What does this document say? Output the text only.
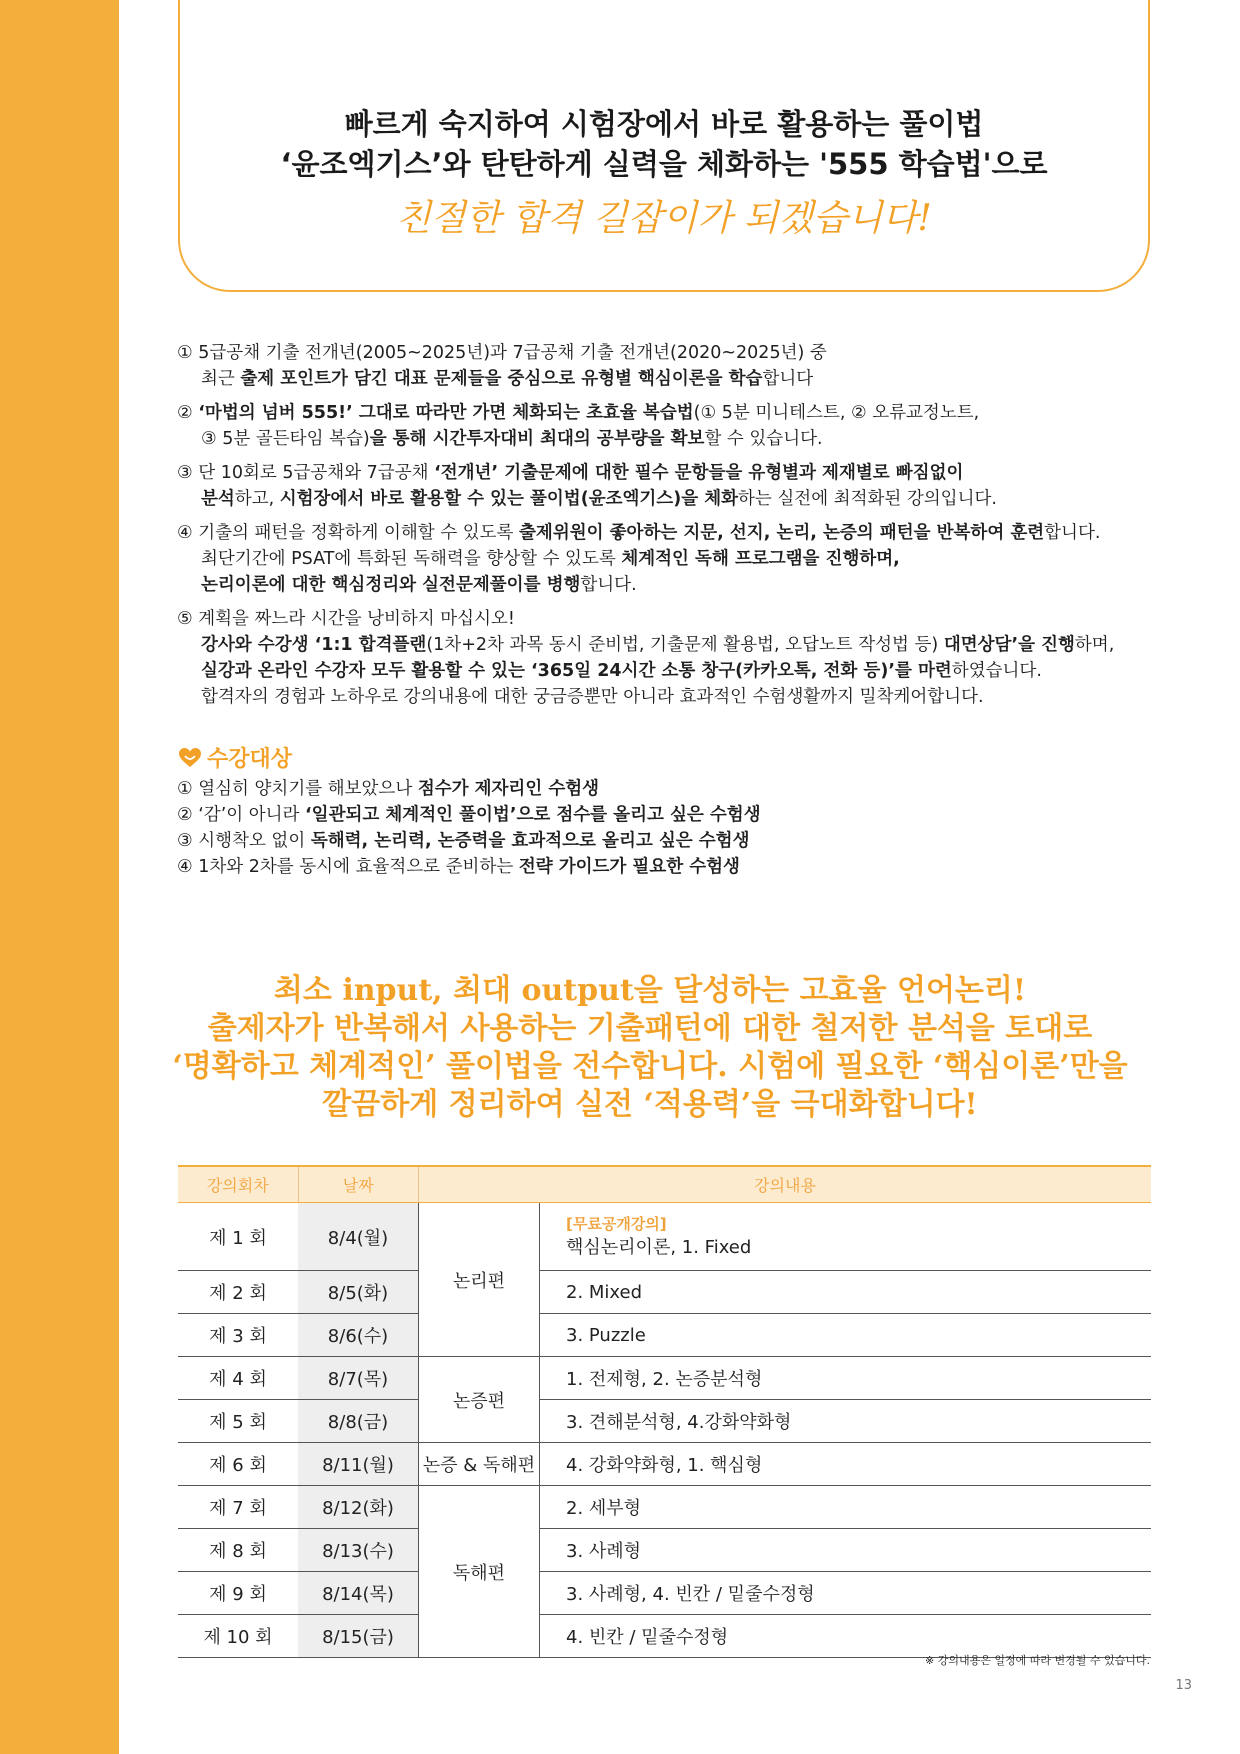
빠르게 숙지하여 시험장에서 바로 활용하는 풀이법
‘윤조엑기스’와 탄탄하게 실력을 체화하는 '555 학습법'으로
친절한 합격 길잡이가 되겠습니다!
① 5급공채 기출 전개년(2005~2025년)과 7급공채 기출 전개년(2020~2025년) 중
최근 출제 포인트가 담긴 대표 문제들을 중심으로 유형별 핵심이론을 학습합니다
② ‘마법의 넘버 555!’ 그대로 따라만 가면 체화되는 초효율 복습법(① 5분 미니테스트, ② 오류교정노트,
③ 5분 골든타임 복습)을 통해 시간투자대비 최대의 공부량을 확보할 수 있습니다.
③ 단 10회로 5급공채와 7급공채 ‘전개년’ 기출문제에 대한 필수 문항들을 유형별과 제재별로 빠짐없이
분석하고, 시험장에서 바로 활용할 수 있는 풀이법(윤조엑기스)을 체화하는 실전에 최적화된 강의입니다.
④ 기출의 패턴을 정확하게 이해할 수 있도록 출제위원이 좋아하는 지문, 선지, 논리, 논증의 패턴을 반복하여 훈련합니다.
최단기간에 PSAT에 특화된 독해력을 향상할 수 있도록 체계적인 독해 프로그램을 진행하며,
논리이론에 대한 핵심정리와 실전문제풀이를 병행합니다.
⑤ 계획을 짜느라 시간을 낭비하지 마십시오!
강사와 수강생 ‘1:1 합격플랜(1차+2차 과목 동시 준비법, 기출문제 활용법, 오답노트 작성법 등) 대면상담’을 진행하며,
실강과 온라인 수강자 모두 활용할 수 있는 ‘365일 24시간 소통 창구(카카오톡, 전화 등)’를 마련하였습니다.
합격자의 경험과 노하우로 강의내용에 대한 궁금증뿐만 아니라 효과적인 수험생활까지 밀착케어합니다.
수강대상
① 열심히 양치기를 해보았으나 점수가 제자리인 수험생
② ‘감’이 아니라 ‘일관되고 체계적인 풀이법’으로 점수를 올리고 싶은 수험생
③ 시행착오 없이 독해력, 논리력, 논증력을 효과적으로 올리고 싶은 수험생
④ 1차와 2차를 동시에 효율적으로 준비하는 전략 가이드가 필요한 수험생
최소 input, 최대 output을 달성하는 고효율 언어논리!
출제자가 반복해서 사용하는 기출패턴에 대한 철저한 분석을 토대로
‘명확하고 체계적인’ 풀이법을 전수합니다. 시험에 필요한 ‘핵심이론’만을
깔끔하게 정리하여 실전 ‘적용력’을 극대화합니다!
강의회차	날짜	강의내용	
제 1 회	8/4(월)	논리편	[무료공개강의]
핵심논리이론, 1. Fixed
제 2 회	8/5(화)		2. Mixed
제 3 회	8/6(수)		3. Puzzle
제 4 회	8/7(목)	논증편	1. 전제형, 2. 논증분석형
제 5 회	8/8(금)		3. 견해분석형, 4.강화약화형
제 6 회	8/11(월)	논증 & 독해편	4. 강화약화형, 1. 핵심형
제 7 회	8/12(화)	독해편	2. 세부형
제 8 회	8/13(수)		3. 사례형
제 9 회	8/14(목)		3. 사례형, 4. 빈칸 / 밑줄수정형
제 10 회	8/15(금)		4. 빈칸 / 밑줄수정형
※ 강의내용은 일정에 따라 변경될 수 있습니다.
13
